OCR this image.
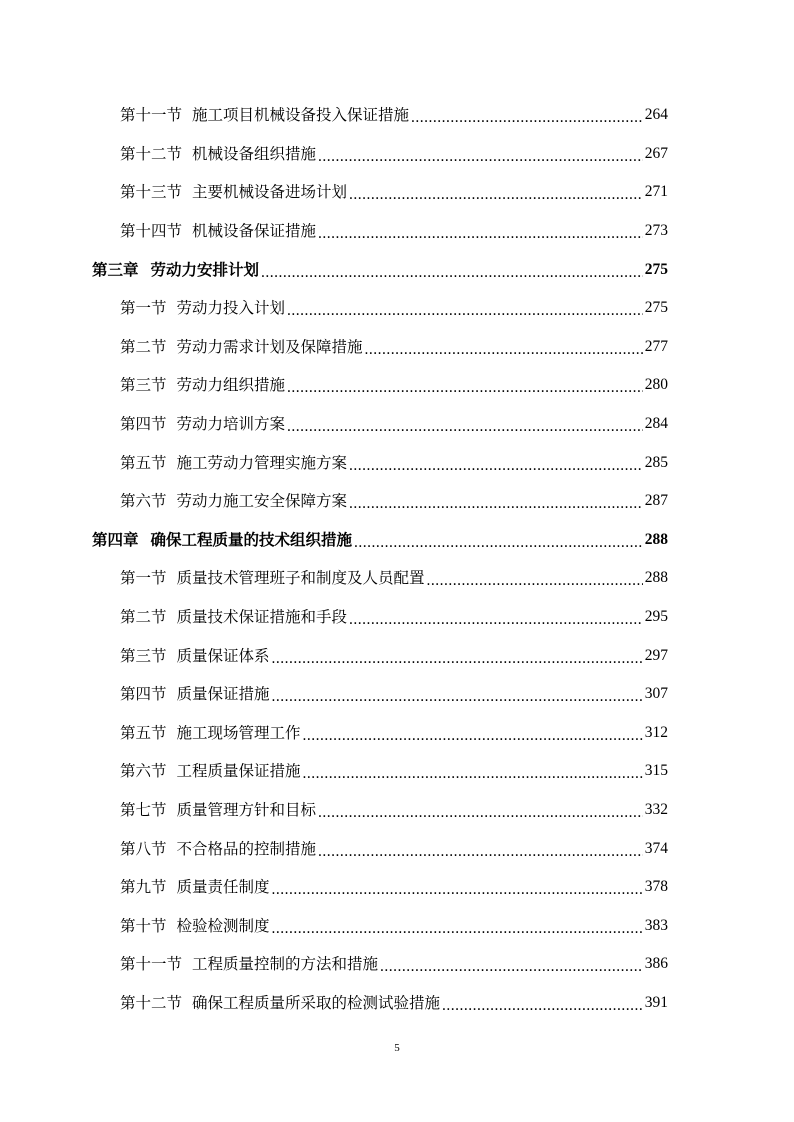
第十一节 施工项目机械设备投入保证措施 .....	264
第十二节 机械设备组织措施 .....	267
第十三节 主要机械设备进场计划 .....	271
第十四节 机械设备保证措施 .....	273
第三章 劳动力安排计划 .....	275
第一节 劳动力投入计划 .....	275
第二节 劳动力需求计划及保障措施 .....	277
第三节 劳动力组织措施 .....	280
第四节 劳动力培训方案 .....	284
第五节 施工劳动力管理实施方案 .....	285
第六节 劳动力施工安全保障方案 .....	287
第四章 确保工程质量的技术组织措施 .....	288
第一节 质量技术管理班子和制度及人员配置 .....	288
第二节 质量技术保证措施和手段 .....	295
第三节 质量保证体系 .....	297
第四节 质量保证措施 .....	307
第五节 施工现场管理工作 .....	312
第六节 工程质量保证措施 .....	315
第七节 质量管理方针和目标 .....	332
第八节 不合格品的控制措施 .....	374
第九节 质量责任制度 .....	378
第十节 检验检测制度 .....	383
第十一节 工程质量控制的方法和措施 .....	386
第十二节 确保工程质量所采取的检测试验措施 .....	391
5
